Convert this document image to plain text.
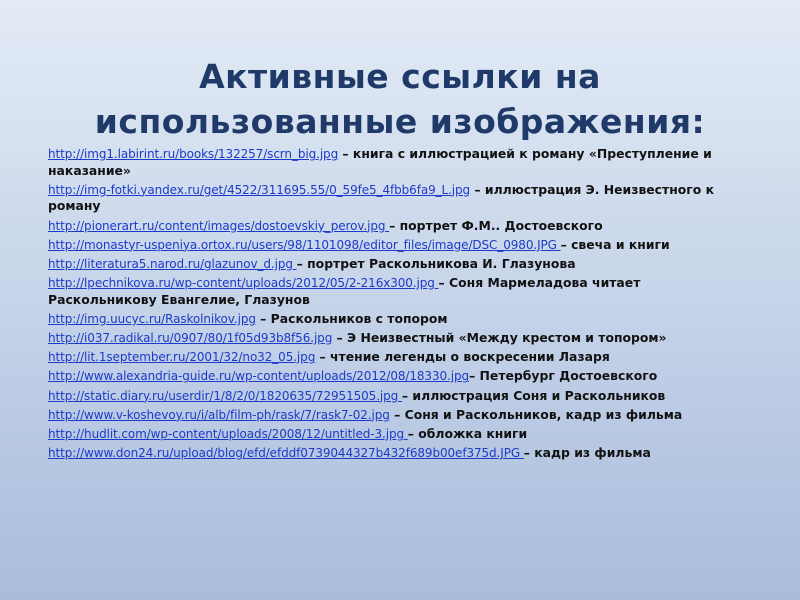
Активные ссылки на
использованные изображения:
http://img1.labirint.ru/books/132257/scrn_big.jpg – книга с иллюстрацией к роману «Преступление и наказание»
http://img-fotki.yandex.ru/get/4522/311695.55/0_59fe5_4fbb6fa9_L.jpg – иллюстрация Э. Неизвестного к роману
http://pionerart.ru/content/images/dostoevskiy_perov.jpg – портрет Ф.М.. Достоевского
http://monastyr-uspeniya.ortox.ru/users/98/1101098/editor_files/image/DSC_0980.JPG – свеча и книги
http://literatura5.narod.ru/glazunov_d.jpg – портрет Раскольникова И. Глазунова
http://lpechnikova.ru/wp-content/uploads/2012/05/2-216x300.jpg – Соня Мармеладова читает Раскольникову Евангелие, Глазунов
http://img.uucyc.ru/Raskolnikov.jpg – Раскольников с топором
http://i037.radikal.ru/0907/80/1f05d93b8f56.jpg – Э Неизвестный «Между крестом и топором»
http://lit.1september.ru/2001/32/no32_05.jpg – чтение легенды о воскресении Лазаря
http://www.alexandria-guide.ru/wp-content/uploads/2012/08/18330.jpg– Петербург Достоевского
http://static.diary.ru/userdir/1/8/2/0/1820635/72951505.jpg – иллюстрация Соня и Раскольников
http://www.v-koshevoy.ru/i/alb/film-ph/rask/7/rask7-02.jpg – Соня и Раскольников, кадр из фильма
http://hudlit.com/wp-content/uploads/2008/12/untitled-3.jpg – обложка книги
http://www.don24.ru/upload/blog/efd/efddf0739044327b432f689b00ef375d.JPG – кадр из фильма
